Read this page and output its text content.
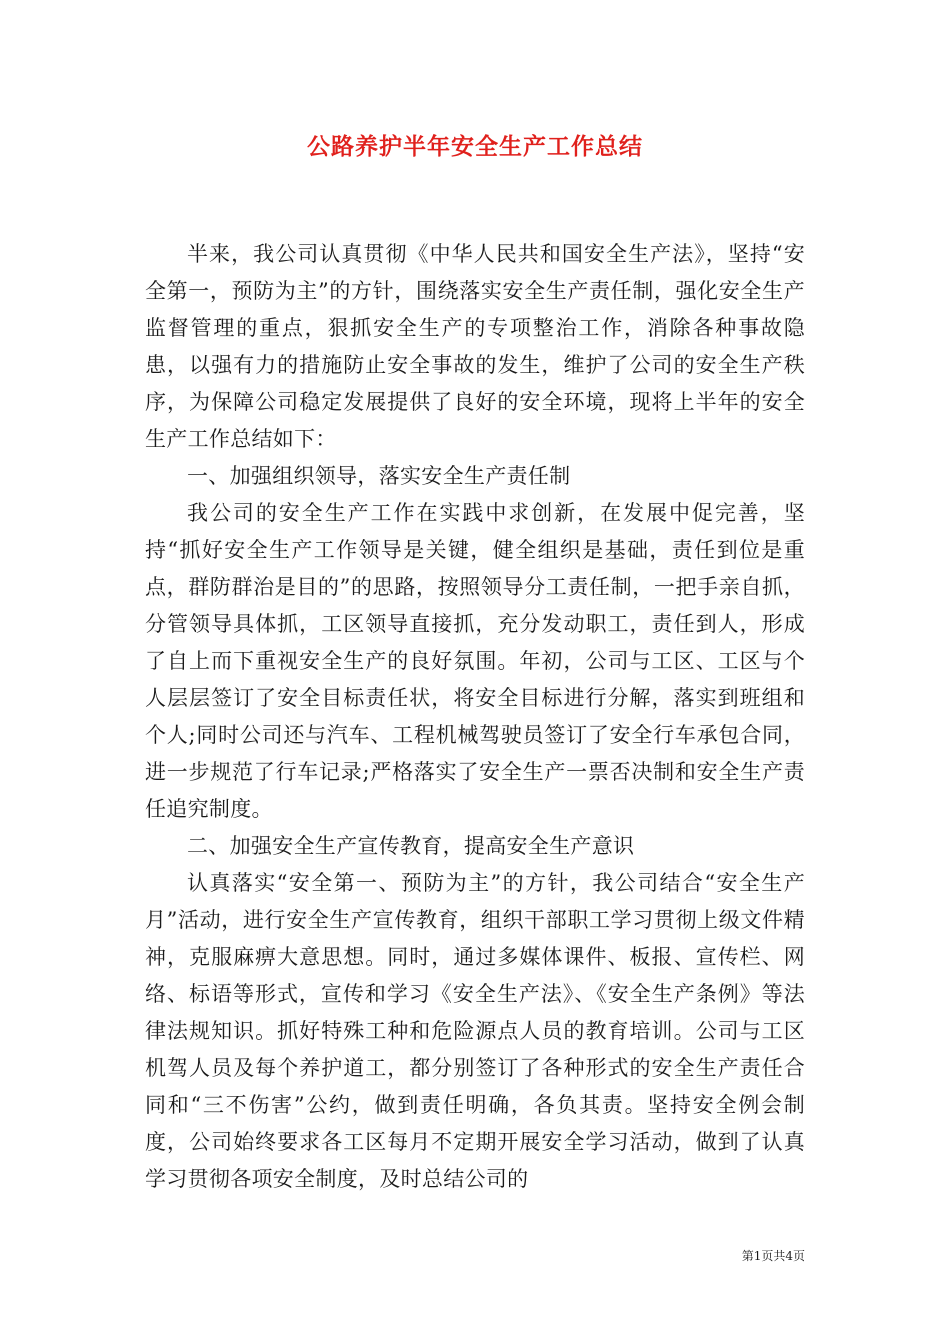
公路养护半年安全生产工作总结

半来，我公司认真贯彻《中华人民共和国安全生产法》，坚持“安全第一，预防为主”的方针，围绕落实安全生产责任制，强化安全生产监督管理的重点，狠抓安全生产的专项整治工作，消除各种事故隐患，以强有力的措施防止安全事故的发生，维护了公司的安全生产秩序，为保障公司稳定发展提供了良好的安全环境，现将上半年的安全生产工作总结如下：

一、加强组织领导，落实安全生产责任制

我公司的安全生产工作在实践中求创新，在发展中促完善，坚持“抓好安全生产工作领导是关键，健全组织是基础，责任到位是重点，群防群治是目的”的思路，按照领导分工责任制，一把手亲自抓，分管领导具体抓，工区领导直接抓，充分发动职工，责任到人，形成了自上而下重视安全生产的良好氛围。年初，公司与工区、工区与个人层层签订了安全目标责任状，将安全目标进行分解，落实到班组和个人;同时公司还与汽车、工程机械驾驶员签订了安全行车承包合同，进一步规范了行车记录;严格落实了安全生产一票否决制和安全生产责任追究制度。

二、加强安全生产宣传教育，提高安全生产意识

认真落实“安全第一、预防为主”的方针，我公司结合“安全生产月”活动，进行安全生产宣传教育，组织干部职工学习贯彻上级文件精神，克服麻痹大意思想。同时，通过多媒体课件、板报、宣传栏、网络、标语等形式，宣传和学习《安全生产法》、《安全生产条例》等法律法规知识。抓好特殊工种和危险源点人员的教育培训。公司与工区机驾人员及每个养护道工，都分别签订了各种形式的安全生产责任合同和“三不伤害”公约，做到责任明确，各负其责。坚持安全例会制度，公司始终要求各工区每月不定期开展安全学习活动，做到了认真学习贯彻各项安全制度，及时总结公司的

第1页共4页
